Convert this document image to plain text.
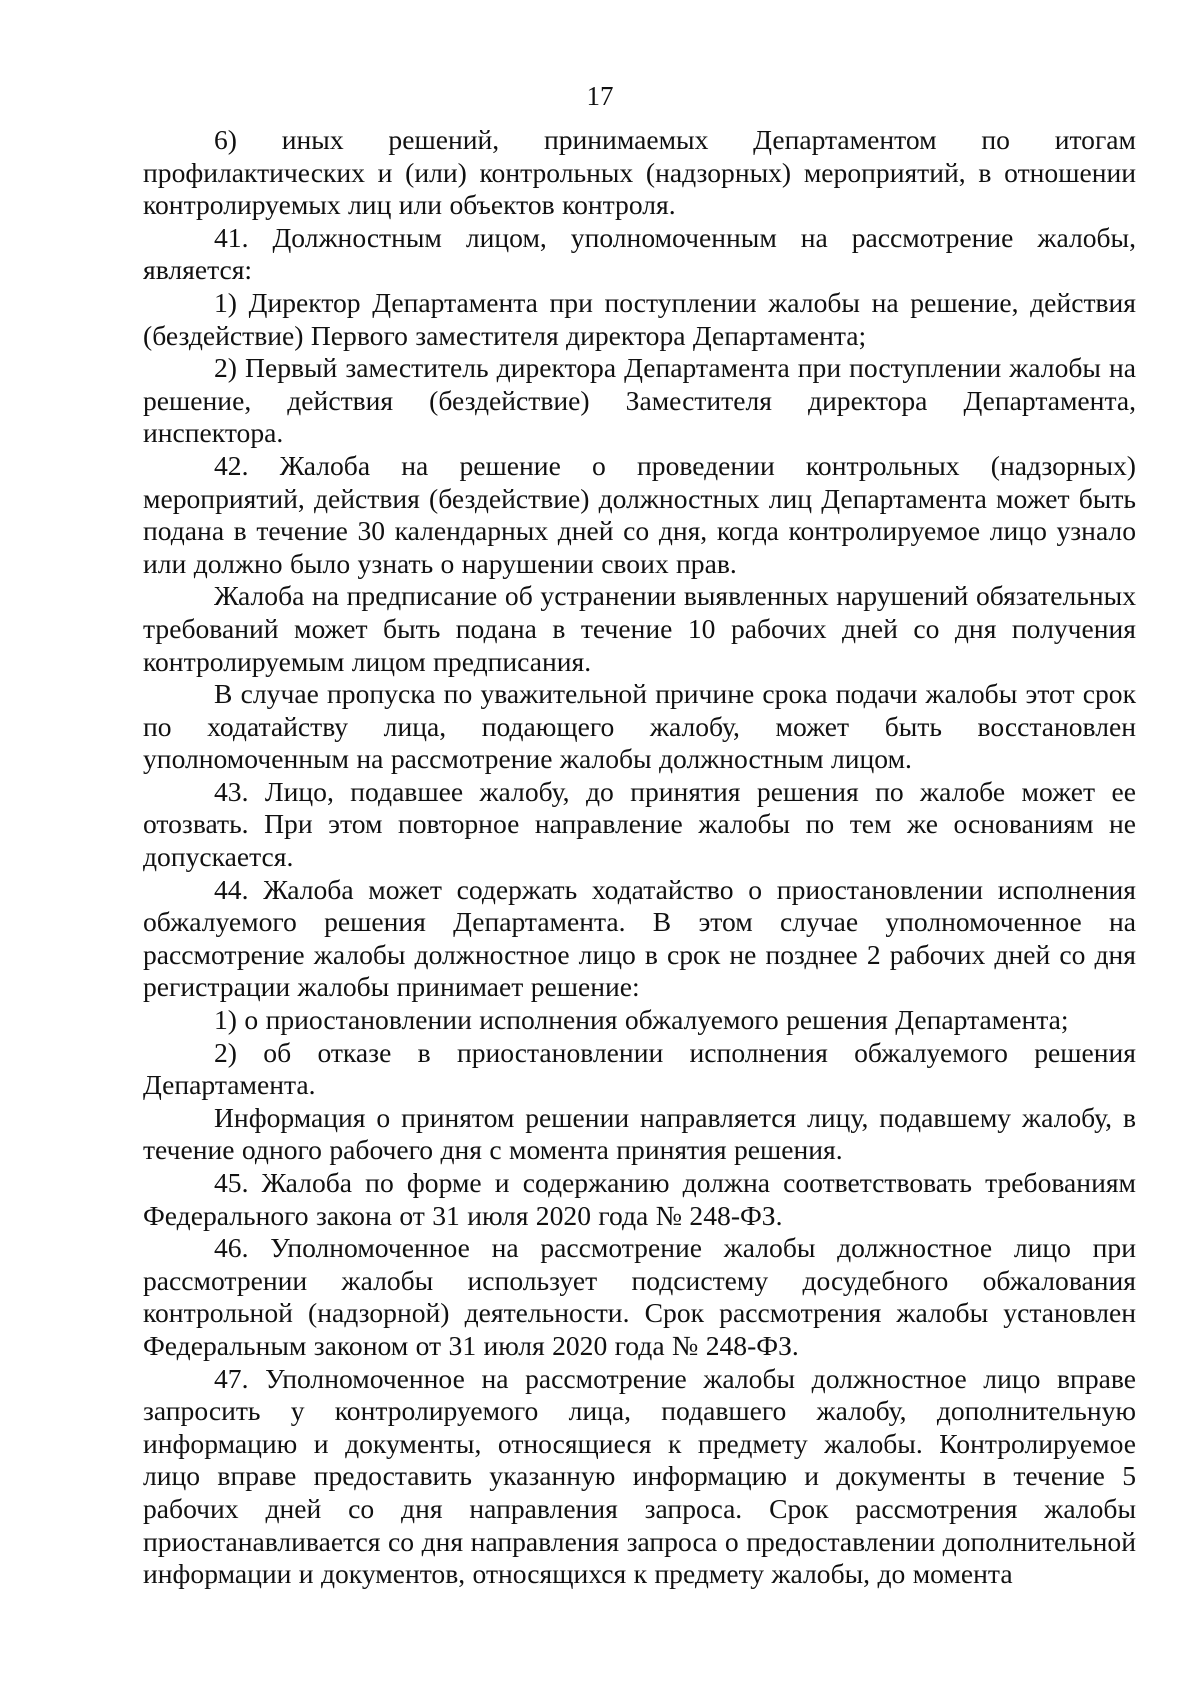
17

6) иных решений, принимаемых Департаментом по итогам профилактических и (или) контрольных (надзорных) мероприятий, в отношении контролируемых лиц или объектов контроля.

41. Должностным лицом, уполномоченным на рассмотрение жалобы, является:

1) Директор Департамента при поступлении жалобы на решение, действия (бездействие) Первого заместителя директора Департамента;

2) Первый заместитель директора Департамента при поступлении жалобы на решение, действия (бездействие) Заместителя директора Департамента, инспектора.

42. Жалоба на решение о проведении контрольных (надзорных) мероприятий, действия (бездействие) должностных лиц Департамента может быть подана в течение 30 календарных дней со дня, когда контролируемое лицо узнало или должно было узнать о нарушении своих прав.

Жалоба на предписание об устранении выявленных нарушений обязательных требований может быть подана в течение 10 рабочих дней со дня получения контролируемым лицом предписания.

В случае пропуска по уважительной причине срока подачи жалобы этот срок по ходатайству лица, подающего жалобу, может быть восстановлен уполномоченным на рассмотрение жалобы должностным лицом.

43. Лицо, подавшее жалобу, до принятия решения по жалобе может ее отозвать. При этом повторное направление жалобы по тем же основаниям не допускается.

44. Жалоба может содержать ходатайство о приостановлении исполнения обжалуемого решения Департамента. В этом случае уполномоченное на рассмотрение жалобы должностное лицо в срок не позднее 2 рабочих дней со дня регистрации жалобы принимает решение:

1) о приостановлении исполнения обжалуемого решения Департамента;

2) об отказе в приостановлении исполнения обжалуемого решения Департамента.

Информация о принятом решении направляется лицу, подавшему жалобу, в течение одного рабочего дня с момента принятия решения.

45. Жалоба по форме и содержанию должна соответствовать требованиям Федерального закона от 31 июля 2020 года № 248-ФЗ.

46. Уполномоченное на рассмотрение жалобы должностное лицо при рассмотрении жалобы использует подсистему досудебного обжалования контрольной (надзорной) деятельности. Срок рассмотрения жалобы установлен Федеральным законом от 31 июля 2020 года № 248-ФЗ.

47. Уполномоченное на рассмотрение жалобы должностное лицо вправе запросить у контролируемого лица, подавшего жалобу, дополнительную информацию и документы, относящиеся к предмету жалобы. Контролируемое лицо вправе предоставить указанную информацию и документы в течение 5 рабочих дней со дня направления запроса. Срок рассмотрения жалобы приостанавливается со дня направления запроса о предоставлении дополнительной информации и документов, относящихся к предмету жалобы, до момента
